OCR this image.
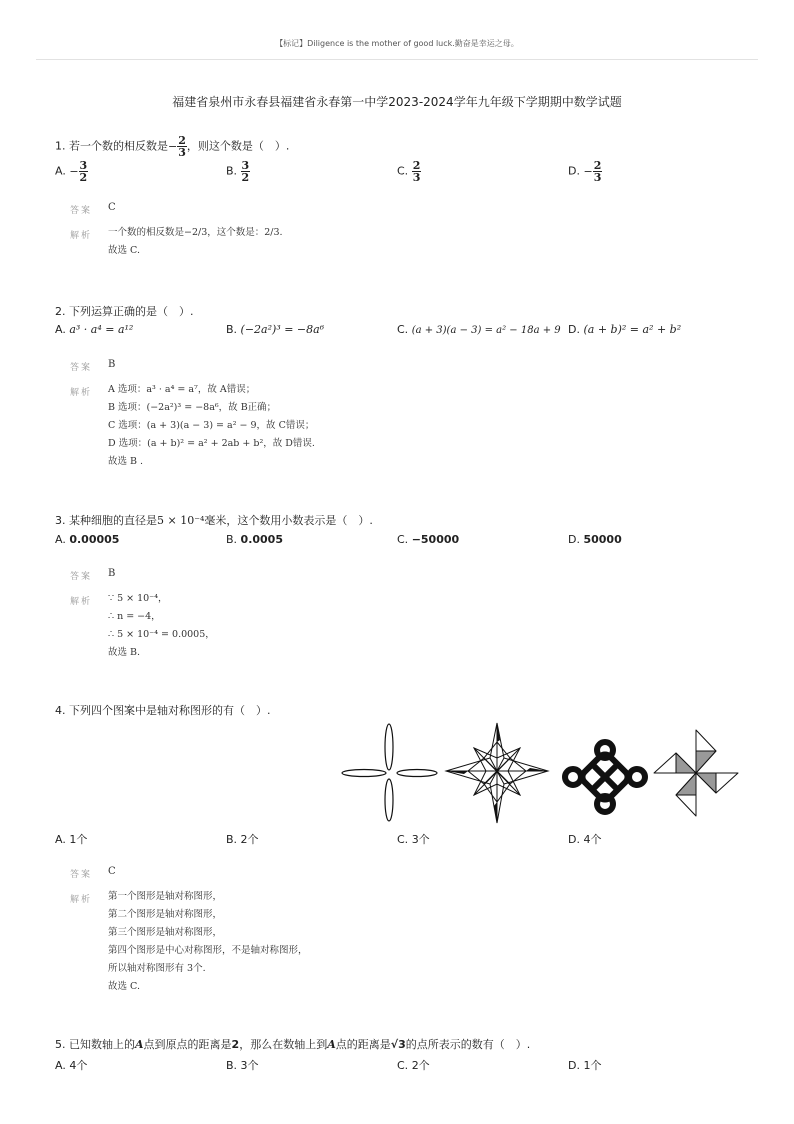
【标记】Diligence is the mother of good luck.勤奋是幸运之母。
福建省泉州市永春县福建省永春第一中学2023-2024学年九年级下学期期中数学试题
1. 若一个数的相反数是− $\frac{2}{3}$ ，则这个数是（　）.
A. − $\frac{3}{2}$	B. $\frac{3}{2}$	C. $\frac{2}{3}$	D. − $\frac{2}{3}$
答案 C
解析 一个数的相反数是−2/3，这个数是：2/3.
故选 C.
2. 下列运算正确的是（　）.
A. a³ · a⁴ = a¹²	B. (−2a²)³ = −8a⁶	C. (a + 3)(a − 3) = a² − 18a + 9 D. (a + b)² = a² + b²
答案 B
解析 A 选项：a³ · a⁴ = a⁷，故 A错误；
B 选项：(−2a²)³ = −8a⁶，故 B正确；
C 选项：(a + 3)(a − 3) = a² − 9，故 C错误；
D 选项：(a + b)² = a² + 2ab + b²，故 D错误.
故选 B .
3. 某种细胞的直径是5 × 10⁻⁴毫米，这个数用小数表示是（　）.
A. 0.00005	B. 0.0005	C. −50000	D. 50000
答案 B
解析 ∵ 5 × 10⁻⁴，
∴ n = −4，
∴ 5 × 10⁻⁴ = 0.0005，
故选 B.
4. 下列四个图案中是轴对称图形的有（　）.
A. 1个	B. 2个	C. 3个	D. 4个
答案 C
解析 第一个图形是轴对称图形，
第二个图形是轴对称图形，
第三个图形是轴对称图形，
第四个图形是中心对称图形，不是轴对称图形，
所以轴对称图形有 3个.
故选 C.
5. 已知数轴上的A点到原点的距离是2，那么在数轴上到A点的距离是√3的点所表示的数有（　）.
A. 4个	B. 3个	C. 2个	D. 1个
